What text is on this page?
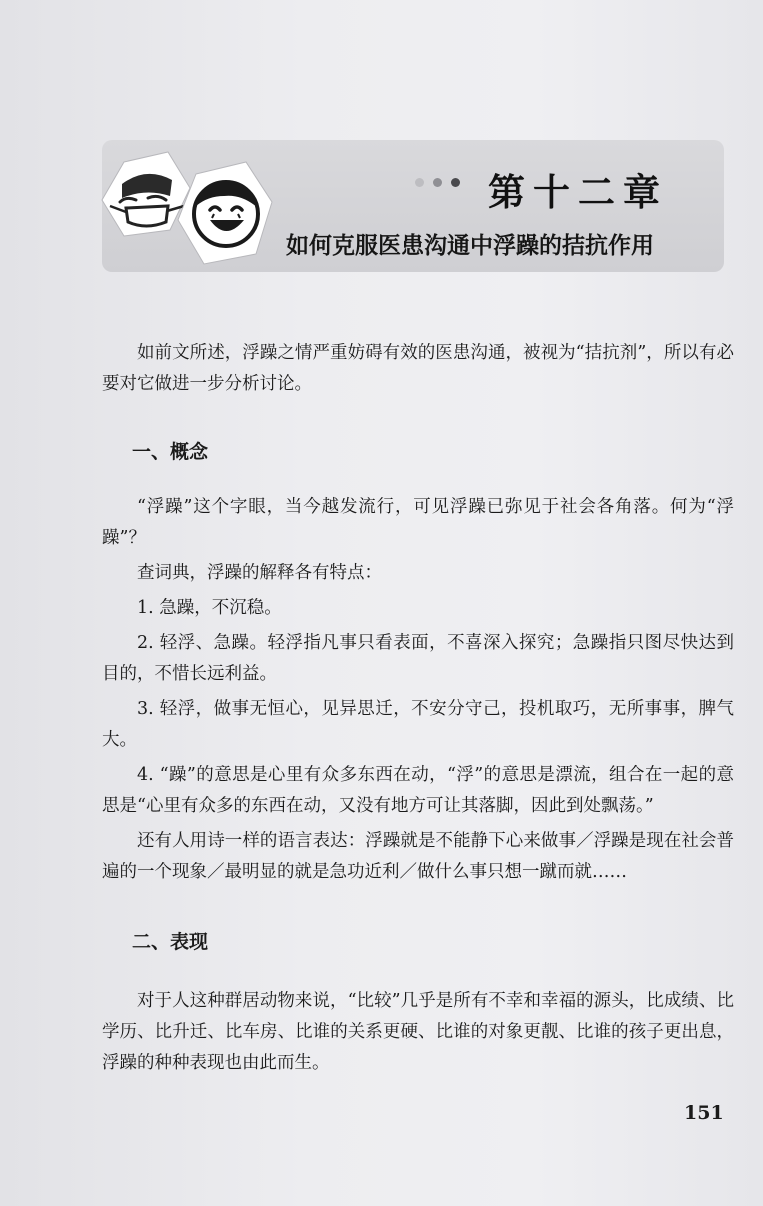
第十二章
如何克服医患沟通中浮躁的拮抗作用

如前文所述，浮躁之情严重妨碍有效的医患沟通，被视为“拮抗剂”，所以有必要对它做进一步分析讨论。

一、概念

“浮躁”这个字眼，当今越发流行，可见浮躁已弥见于社会各角落。何为“浮躁”？

查词典，浮躁的解释各有特点：

1. 急躁，不沉稳。

2. 轻浮、急躁。轻浮指凡事只看表面，不喜深入探究；急躁指只图尽快达到目的，不惜长远利益。

3. 轻浮，做事无恒心，见异思迁，不安分守己，投机取巧，无所事事，脾气大。

4. “躁”的意思是心里有众多东西在动，“浮”的意思是漂流，组合在一起的意思是“心里有众多的东西在动，又没有地方可让其落脚，因此到处飘荡。”

还有人用诗一样的语言表达：浮躁就是不能静下心来做事／浮躁是现在社会普遍的一个现象／最明显的就是急功近利／做什么事只想一蹴而就……

二、表现

对于人这种群居动物来说，“比较”几乎是所有不幸和幸福的源头，比成绩、比学历、比升迁、比车房、比谁的关系更硬、比谁的对象更靓、比谁的孩子更出息，浮躁的种种表现也由此而生。

151
